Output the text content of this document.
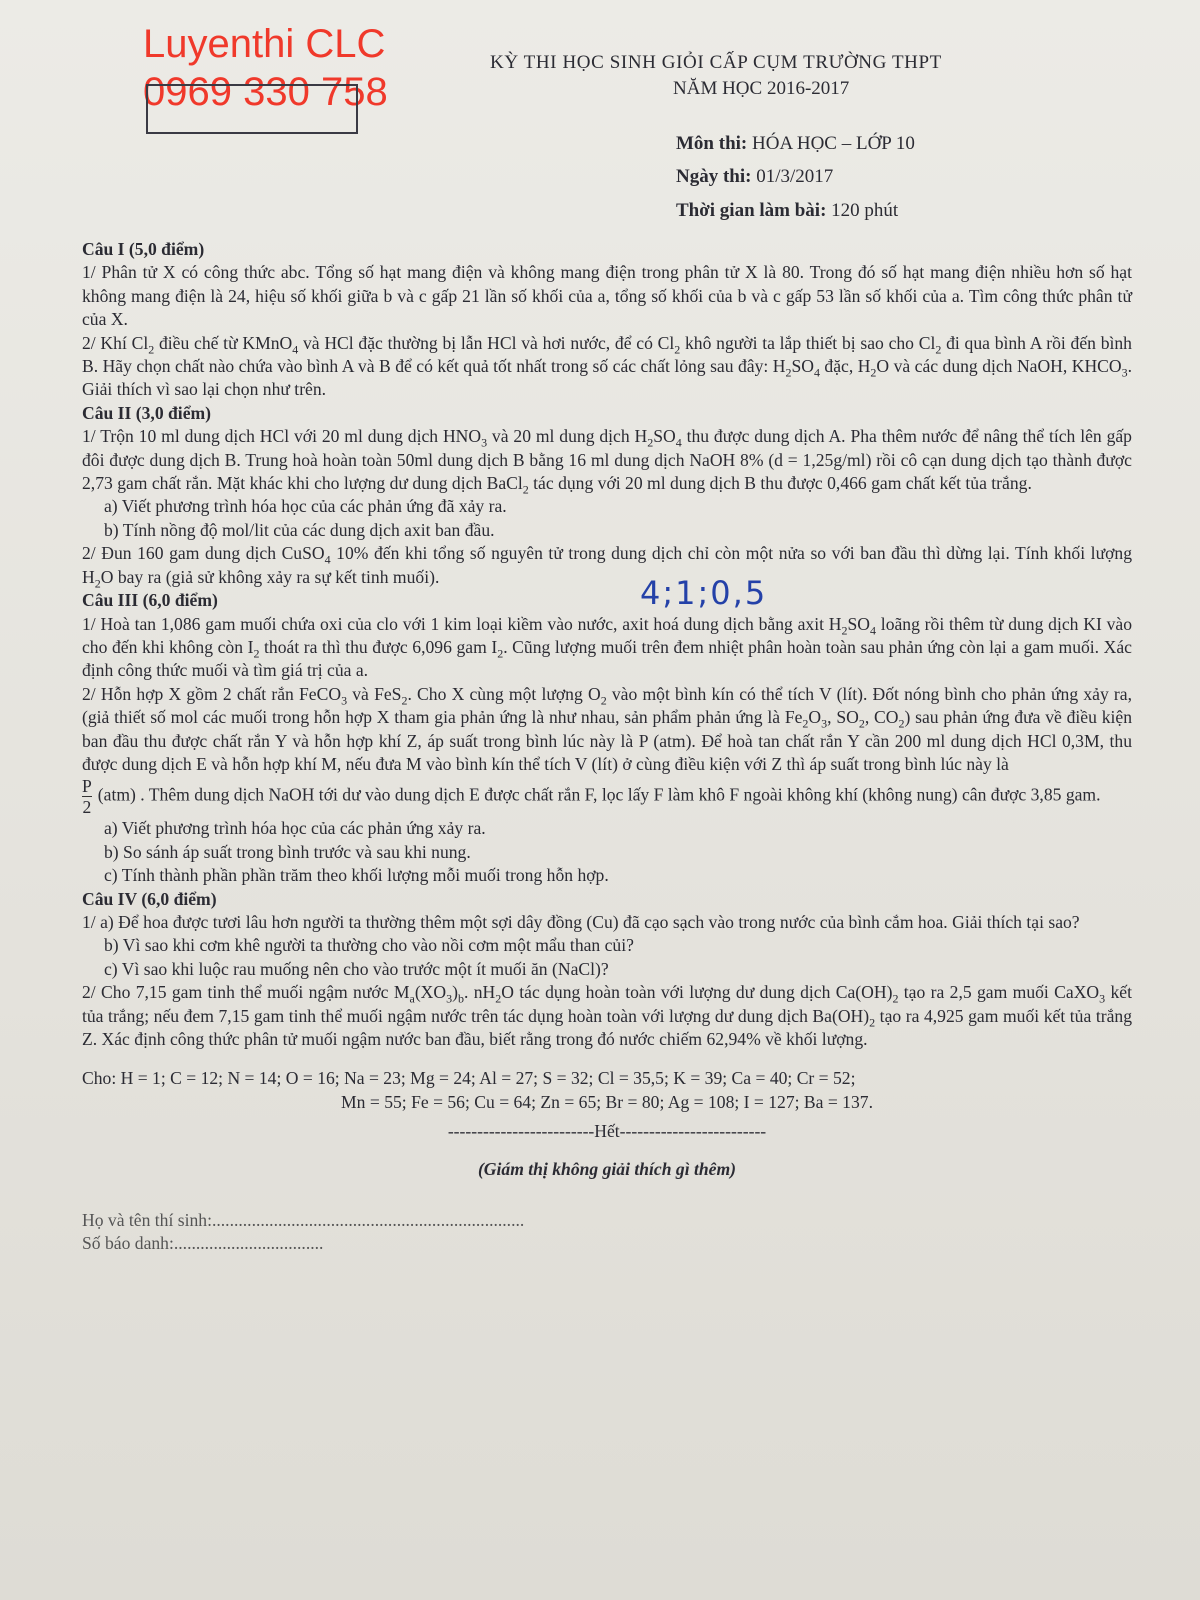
Luyenthi CLC
0969 330 758
KỲ THI HỌC SINH GIỎI CẤP CỤM TRƯỜNG THPT
NĂM HỌC 2016-2017
Môn thi: HÓA HỌC – LỚP 10
Ngày thi: 01/3/2017
Thời gian làm bài: 120 phút
4;1;0,5

Câu I (5,0 điểm)

1/ Phân tử X có công thức abc. Tổng số hạt mang điện và không mang điện trong phân tử X là 80. Trong đó số hạt mang điện nhiều hơn số hạt không mang điện là 24, hiệu số khối giữa b và c gấp 21 lần số khối của a, tổng số khối của b và c gấp 53 lần số khối của a. Tìm công thức phân tử của X.

2/ Khí $Cl_2$ điều chế từ KMnO$_4$ và HCl đặc thường bị lẫn HCl và hơi nước, để có $Cl_2$ khô người ta lắp thiết bị sao cho $Cl_2$ đi qua bình A rồi đến bình B. Hãy chọn chất nào chứa vào bình A và B để có kết quả tốt nhất trong số các chất lỏng sau đây: $H_2SO_4$ đặc, $H_2O$ và các dung dịch NaOH, $KHCO_3$. Giải thích vì sao lại chọn như trên.

Câu II (3,0 điểm)

1/ Trộn 10 ml dung dịch HCl với 20 ml dung dịch $HNO_3$ và 20 ml dung dịch $H_2SO_4$ thu được dung dịch A. Pha thêm nước để nâng thể tích lên gấp đôi được dung dịch B. Trung hoà hoàn toàn 50ml dung dịch B bằng 16 ml dung dịch NaOH 8% (d = 1,25g/ml) rồi cô cạn dung dịch tạo thành được 2,73 gam chất rắn. Mặt khác khi cho lượng dư dung dịch BaCl$_2$ tác dụng với 20 ml dung dịch B thu được 0,466 gam chất kết tủa trắng.

a) Viết phương trình hóa học của các phản ứng đã xảy ra.

b) Tính nồng độ mol/lit của các dung dịch axit ban đầu.

2/ Đun 160 gam dung dịch CuSO$_4$ 10% đến khi tổng số nguyên tử trong dung dịch chỉ còn một nửa so với ban đầu thì dừng lại. Tính khối lượng $H_2O$ bay ra (giả sử không xảy ra sự kết tinh muối).

Câu III (6,0 điểm)

1/ Hoà tan 1,086 gam muối chứa oxi của clo với 1 kim loại kiềm vào nước, axit hoá dung dịch bằng axit $H_2SO_4$ loãng rồi thêm từ dung dịch KI vào cho đến khi không còn $I_2$ thoát ra thì thu được 6,096 gam $I_2$. Cũng lượng muối trên đem nhiệt phân hoàn toàn sau phản ứng còn lại a gam muối. Xác định công thức muối và tìm giá trị của a.

2/ Hỗn hợp X gồm 2 chất rắn FeCO$_3$ và FeS$_2$. Cho X cùng một lượng $O_2$ vào một bình kín có thể tích V (lít). Đốt nóng bình cho phản ứng xảy ra, (giả thiết số mol các muối trong hỗn hợp X tham gia phản ứng là như nhau, sản phẩm phản ứng là $Fe_2O_3$, $SO_2$, $CO_2$) sau phản ứng đưa về điều kiện ban đầu thu được chất rắn Y và hỗn hợp khí Z, áp suất trong bình lúc này là P (atm). Để hoà tan chất rắn Y cần 200 ml dung dịch HCl 0,3M, thu được dung dịch E và hỗn hợp khí M, nếu đưa M vào bình kín thể tích V (lít) ở cùng điều kiện với Z thì áp suất trong bình lúc này là

$\frac{P}{2} (atm)$ . Thêm dung dịch NaOH tới dư vào dung dịch E được chất rắn F, lọc lấy F làm khô F ngoài không khí (không nung) cân được 3,85 gam.

a) Viết phương trình hóa học của các phản ứng xảy ra.

b) So sánh áp suất trong bình trước và sau khi nung.

c) Tính thành phần phần trăm theo khối lượng mỗi muối trong hỗn hợp.

Câu IV (6,0 điểm)

1/ a) Để hoa được tươi lâu hơn người ta thường thêm một sợi dây đồng (Cu) đã cạo sạch vào trong nước của bình cắm hoa. Giải thích tại sao?

b) Vì sao khi cơm khê người ta thường cho vào nồi cơm một mẩu than củi?

c) Vì sao khi luộc rau muống nên cho vào trước một ít muối ăn (NaCl)?

2/ Cho 7,15 gam tinh thể muối ngậm nước $M_a(XO_3)_b$. $nH_2O$ tác dụng hoàn toàn với lượng dư dung dịch $Ca(OH)_2$ tạo ra 2,5 gam muối CaXO$_3$ kết tủa trắng; nếu đem 7,15 gam tinh thể muối ngậm nước trên tác dụng hoàn toàn với lượng dư dung dịch $Ba(OH)_2$ tạo ra 4,925 gam muối kết tủa trắng Z. Xác định công thức phân tử muối ngậm nước ban đầu, biết rằng trong đó nước chiếm 62,94% về khối lượng.

Cho: H = 1; C = 12; N = 14; O = 16; Na = 23; Mg = 24; Al = 27; S = 32; Cl = 35,5; K = 39; Ca = 40; Cr = 52;

Mn = 55; Fe = 56; Cu = 64; Zn = 65; Br = 80; Ag = 108; I = 127; Ba = 137.

-------------------------Hết-------------------------

(Giám thị không giải thích gì thêm)

Họ và tên thí sinh:.......................................................................

Số báo danh:..................................
